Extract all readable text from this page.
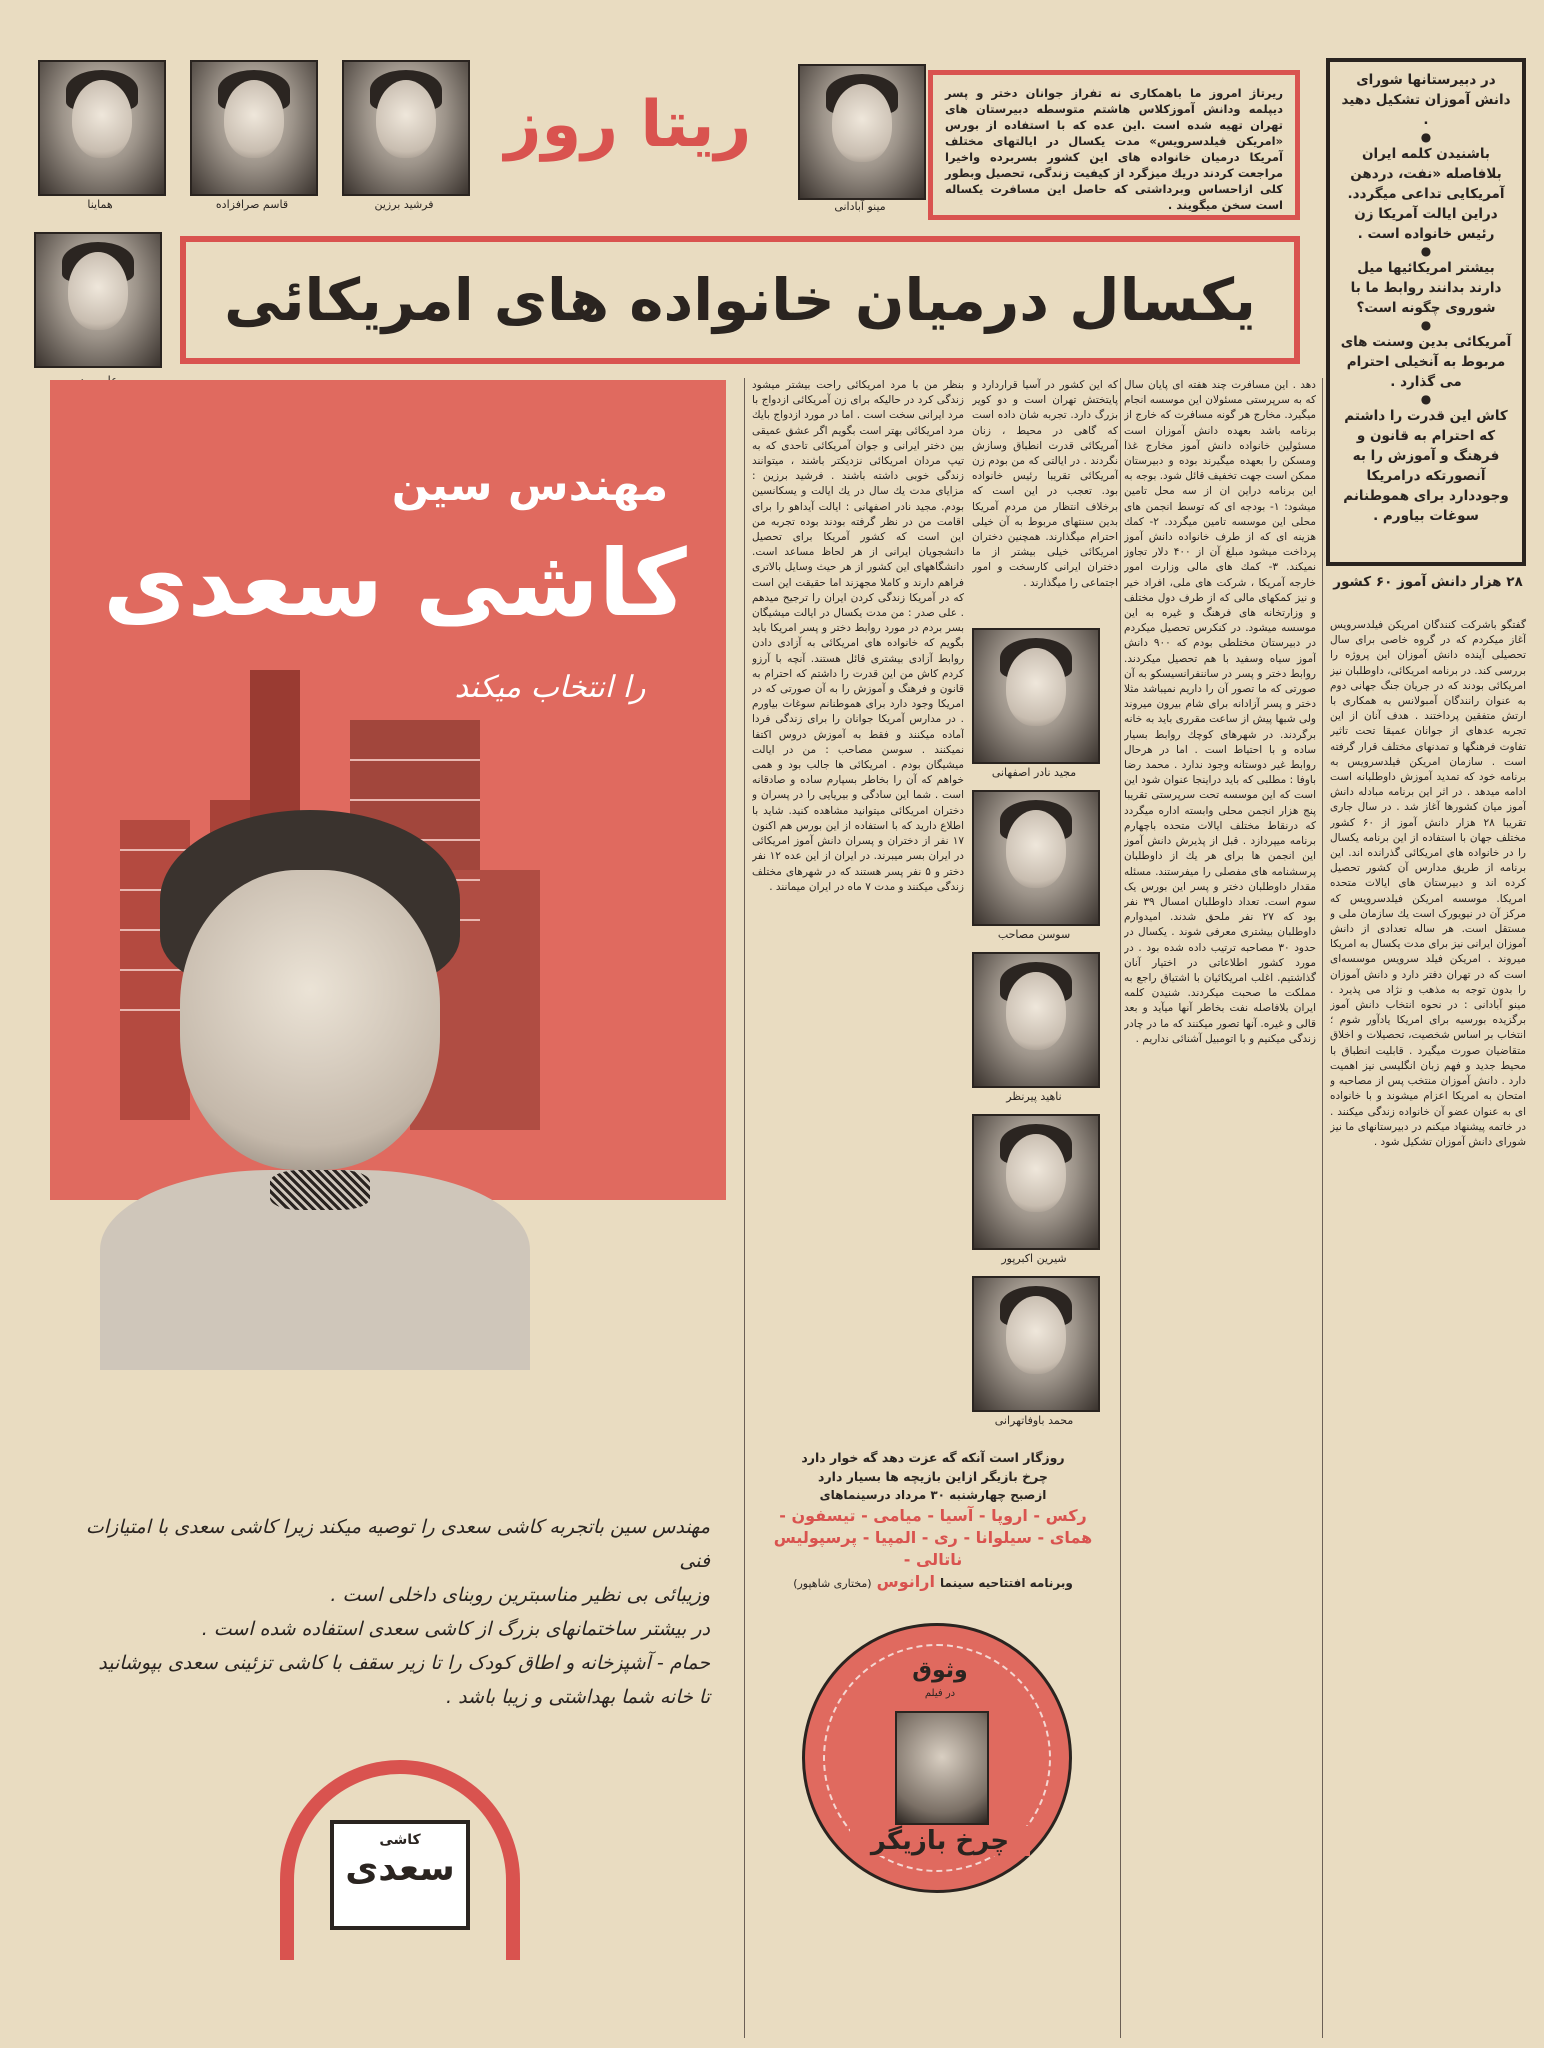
هماینا	قاسم صرافزاده	فرشید برزین
ریتا روز
مینو آبادانی
ریرتاژ امروز ما باهمکاری نه تفراز جوانان دختر و پسر دیپلمه ودانش آموزکلاس هاشتم متوسطه دبیرستان های تهران تهیه شده است .این عده که با استفاده از بورس «امریکن فیلدسرویس» مدت یکسال در ایالتهای مختلف آمریکا درمیان خانواده های این کشور بسربرده واخیرا مراجعت کردند دریك میزگرد از کیفیت زندگی، تحصیل وبطور کلی ازاحساس وبرداشتی که حاصل این مسافرت یکساله است سخن میگویند .
یکسال درمیان خانواده های امریکائی
در دبیرستانها شورای دانش آموزان تشکیل دهید .
●
باشنیدن کلمه ایران بلافاصله «نفت، دردهن آمریکایی تداعی میگردد.
دراین ایالت آمریکا زن رئیس خانواده است .
●
بیشتر امریکائیها میل دارند بدانند روابط ما با شوروی چگونه است؟
●
آمریکائی بدین وسنت های مربوط به آنخیلی احترام می گذارد .
●
کاش این قدرت را داشتم که احترام به قانون و فرهنگ و آموزش را به آنصورتکه درامریکا وجوددارد برای هموطنانم سوغات بیاورم .
۲۸ هزار دانش آموز ۶۰ کشور
مهندس سین
کاشی سعدی
را انتخاب میکند
مهندس سین باتجربه کاشی سعدی را توصیه میکند زیرا کاشی سعدی با امتیازات فنی
وزیبائی بی نظیر مناسبترین روبنای داخلی است .
در بیشتر ساختمانهای بزرگ از کاشی سعدی استفاده شده است .
حمام - آشپزخانه و اطاق کودک را تا زیر سقف با کاشی تزئینی سعدی بپوشانید
تا خانه شما بهداشتی و زیبا باشد .
کاشی
سعدی
مجید نادر اصفهانی
سوسن مصاحب
ناهید پیرنظر
شیرین اکبرپور
محمد باوفاتهرانی
دهد . این مسافرت چند هفته ای پایان سال که به سرپرستی مسئولان این موسسه انجام میگیرد. مخارج هر گونه مسافرت که خارج از برنامه باشد بعهده دانش آموزان است مسئولین خانواده دانش آموز مخارج غذا ومسکن را بعهده میگیرند بوده و دبیرستان ممکن است جهت تخفیف قائل شود. بوجه به این برنامه دراین ان از سه محل تامین میشود: ۱- بودجه ای که توسط انجمن های محلی این موسسه تامین میگردد. ۲- کمك هزینه ای که از طرف خانواده دانش آموز پرداخت میشود مبلغ آن از ۴۰۰ دلار تجاوز نمیکند. ۳- کمك های مالی وزارت امور خارجه آمریکا ، شرکت های ملی، افراد خیر و نیز کمکهای مالی که از طرف دول مختلف و وزارتخانه های فرهنگ و غیره به این موسسه میشود. در کنکرس تحصیل میکردم در دبیرستان مختلطی بودم که ۹۰۰ دانش آموز سیاه وسفید با هم تحصیل میکردند. روابط دختر و پسر در ساننفرانسیسکو به آن صورتی که ما تصور آن را داریم نمیباشد مثلا دختر و پسر آزادانه برای شام بیرون میروند ولی شبها پیش از ساعت مقرری باید به خانه برگردند. در شهرهای کوچك روابط بسیار ساده و با احتیاط است . اما در هرحال روابط غیر دوستانه وجود ندارد . محمد رضا باوفا : مطلبی که باید دراینجا عنوان شود این است که این موسسه تحت سرپرستی تقریبا پنج هزار انجمن محلی وابسته اداره میگردد که درنقاط مختلف ایالات متحده باچهارم برنامه میپردازد . قبل از پذیرش دانش آموز این انجمن ها برای هر یك از داوطلبان پرسشنامه های مفصلی را میفرستند. مسئله مقدار داوطلبان دختر و پسر این بورس یک سوم است. تعداد داوطلبان امسال ۳۹ نفر بود که ۲۷ نفر ملحق شدند. امیدوارم داوطلبان بیشتری معرفی شوند . یکسال در حدود ۳۰ مصاحبه ترتیب داده شده بود . در مورد کشور اطلاعاتی در اختیار آنان گذاشتیم. اغلب امریکائیان با اشتیاق راجع به مملکت ما صحبت میکردند. شنیدن کلمه ایران بلافاصله نفت بخاطر آنها میآید و بعد قالی و غیره. آنها تصور میکنند که ما در چادر زندگی میکنیم و با اتومبیل آشنائی نداریم .
بنظر من با مرد امریکائی راحت بیشتر میشود زندگی کرد در حالیکه برای زن آمریکائی ازدواج با مرد ایرانی سخت است . اما در مورد ازدواج بایك مرد امریکائی بهتر است بگویم اگر عشق عمیقی بین دختر ایرانی و جوان آمریکائی تاحدی که به تیپ مردان امریکائی نزدیکتر باشند ، میتوانند زندگی خوبی داشته باشند . فرشید برزین : مزایای مدت یك سال در یك ایالت و یسکانسین بودم. مجید نادر اصفهانی : ایالت آیداهو را برای اقامت من در نظر گرفته بودند بوده تجربه من این است که کشور آمریکا برای تحصیل دانشجویان ایرانی از هر لحاظ مساعد است. دانشگاههای این کشور از هر حیث وسایل بالاتری فراهم دارند و کاملا مجهزند اما حقیقت این است که در آمریکا زندگی کردن ایران را ترجیح میدهم . علی صدر : من مدت یکسال در ایالت میشیگان بسر بردم در مورد روابط دختر و پسر امریکا باید بگویم که خانواده های امریکائی به آزادی دادن روابط آزادی بیشتری قائل هستند. آنچه با آرزو کردم کاش من این قدرت را داشتم که احترام به قانون و فرهنگ و آموزش را به آن صورتی که در امریکا وجود دارد برای هموطنانم سوغات بیاورم . در مدارس آمریکا جوانان را برای زندگی فردا آماده میکنند و فقط به آموزش دروس اکتفا نمیکنند . سوسن مصاحب : من در ایالت میشیگان بودم . امریکائی ها جالب بود و همی خواهم که آن را بخاطر بسپارم ساده و صادقانه است . شما این سادگی و بیریایی را در پسران و دختران امریکائی میتوانید مشاهده کنید. شاید با اطلاع دارید که با استفاده از این بورس هم اکنون ۱۷ نفر از دختران و پسران دانش آموز امریکائی در ایران بسر میبرند. در ایران از این عده ۱۲ نفر دختر و ۵ نفر پسر هستند که در شهرهای مختلف زندگی میکنند و مدت ۷ ماه در ایران میمانند .
که این کشور در آسیا قراردارد و پایتختش تهران است و دو کویر بزرگ دارد. تجربه شان داده است که گاهی در محیط ، زنان آمریکائی قدرت انطباق وسازش نگردند . در ایالتی که من بودم زن آمریکائی تقریبا رئیس خانواده بود. تعجب در این است که برخلاف انتظار من مردم آمریکا بدین سنتهای مربوط به آن خیلی احترام میگذارند. همچنین دختران امریکائی خیلی بیشتر از ما دختران ایرانی کارسخت و امور اجتماعی را میگذارند .
گفتگو باشرکت کنندگان امریکن فیلدسرویس آغاز میکردم که در گروه خاصی برای سال تحصیلی آینده دانش آموزان این پروژه را بررسی کند. در برنامه امریکائی، داوطلبان نیز امریکائی بودند که در جریان جنگ جهانی دوم به عنوان رانندگان آمبولانس به همکاری با ارتش متفقین پرداختند . هدف آنان از این تجربه عدهای از جوانان عمیقا تحت تاثیر تفاوت فرهنگها و تمدنهای مختلف قرار گرفته است . سازمان امریکن فیلدسرویس به برنامه خود که تمدید آموزش داوطلبانه است ادامه میدهد . در اثر این برنامه مبادله دانش آموز میان کشورها آغاز شد . در سال جاری تقریبا ۲۸ هزار دانش آموز از ۶۰ کشور مختلف جهان با استفاده از این برنامه یکسال را در خانواده های امریکائی گذرانده اند. این برنامه از طریق مدارس آن کشور تحصیل کرده اند و دبیرستان های ایالات متحده امریکا. موسسه امریکن فیلدسرویس که مرکز آن در نیویورک است یك سازمان ملی و مستقل است. هر ساله تعدادی از دانش آموزان ایرانی نیز برای مدت یکسال به امریکا میروند . امریکن فیلد سرویس موسسه‌ای است که در تهران دفتر دارد و دانش آموزان را بدون توجه به مذهب و نژاد می پذیرد . مینو آبادانی : در نحوه انتخاب دانش آموز برگزیده بورسیه برای امریکا یادآور شوم ؛ انتخاب بر اساس شخصیت، تحصیلات و اخلاق متقاضیان صورت میگیرد . قابلیت انطباق با محیط جدید و فهم زبان انگلیسی نیز اهمیت دارد . دانش آموزان منتخب پس از مصاحبه و امتحان به امریکا اعزام میشوند و با خانواده ای به عنوان عضو آن خانواده زندگی میکنند . در خاتمه پیشنهاد میکنم در دبیرستانهای ما نیز شورای دانش آموزان تشکیل شود .
روزگار است آنکه گه عزت دهد گه خوار دارد
چرخ بازیگر ازاین بازیچه ها بسیار دارد
ازصبح چهارشنبه ۳۰ مرداد درسینماهای
رکس - اروپا - آسیا - میامی - تیسفون -
همای - سیلوانا - ری - المپیا - پرسپولیس
ناتالی -
وبرنامه افتتاحیه سینما ارانوس (مختاری شاهپور)
وثوق
در فیلم
چرخ بازیگر
